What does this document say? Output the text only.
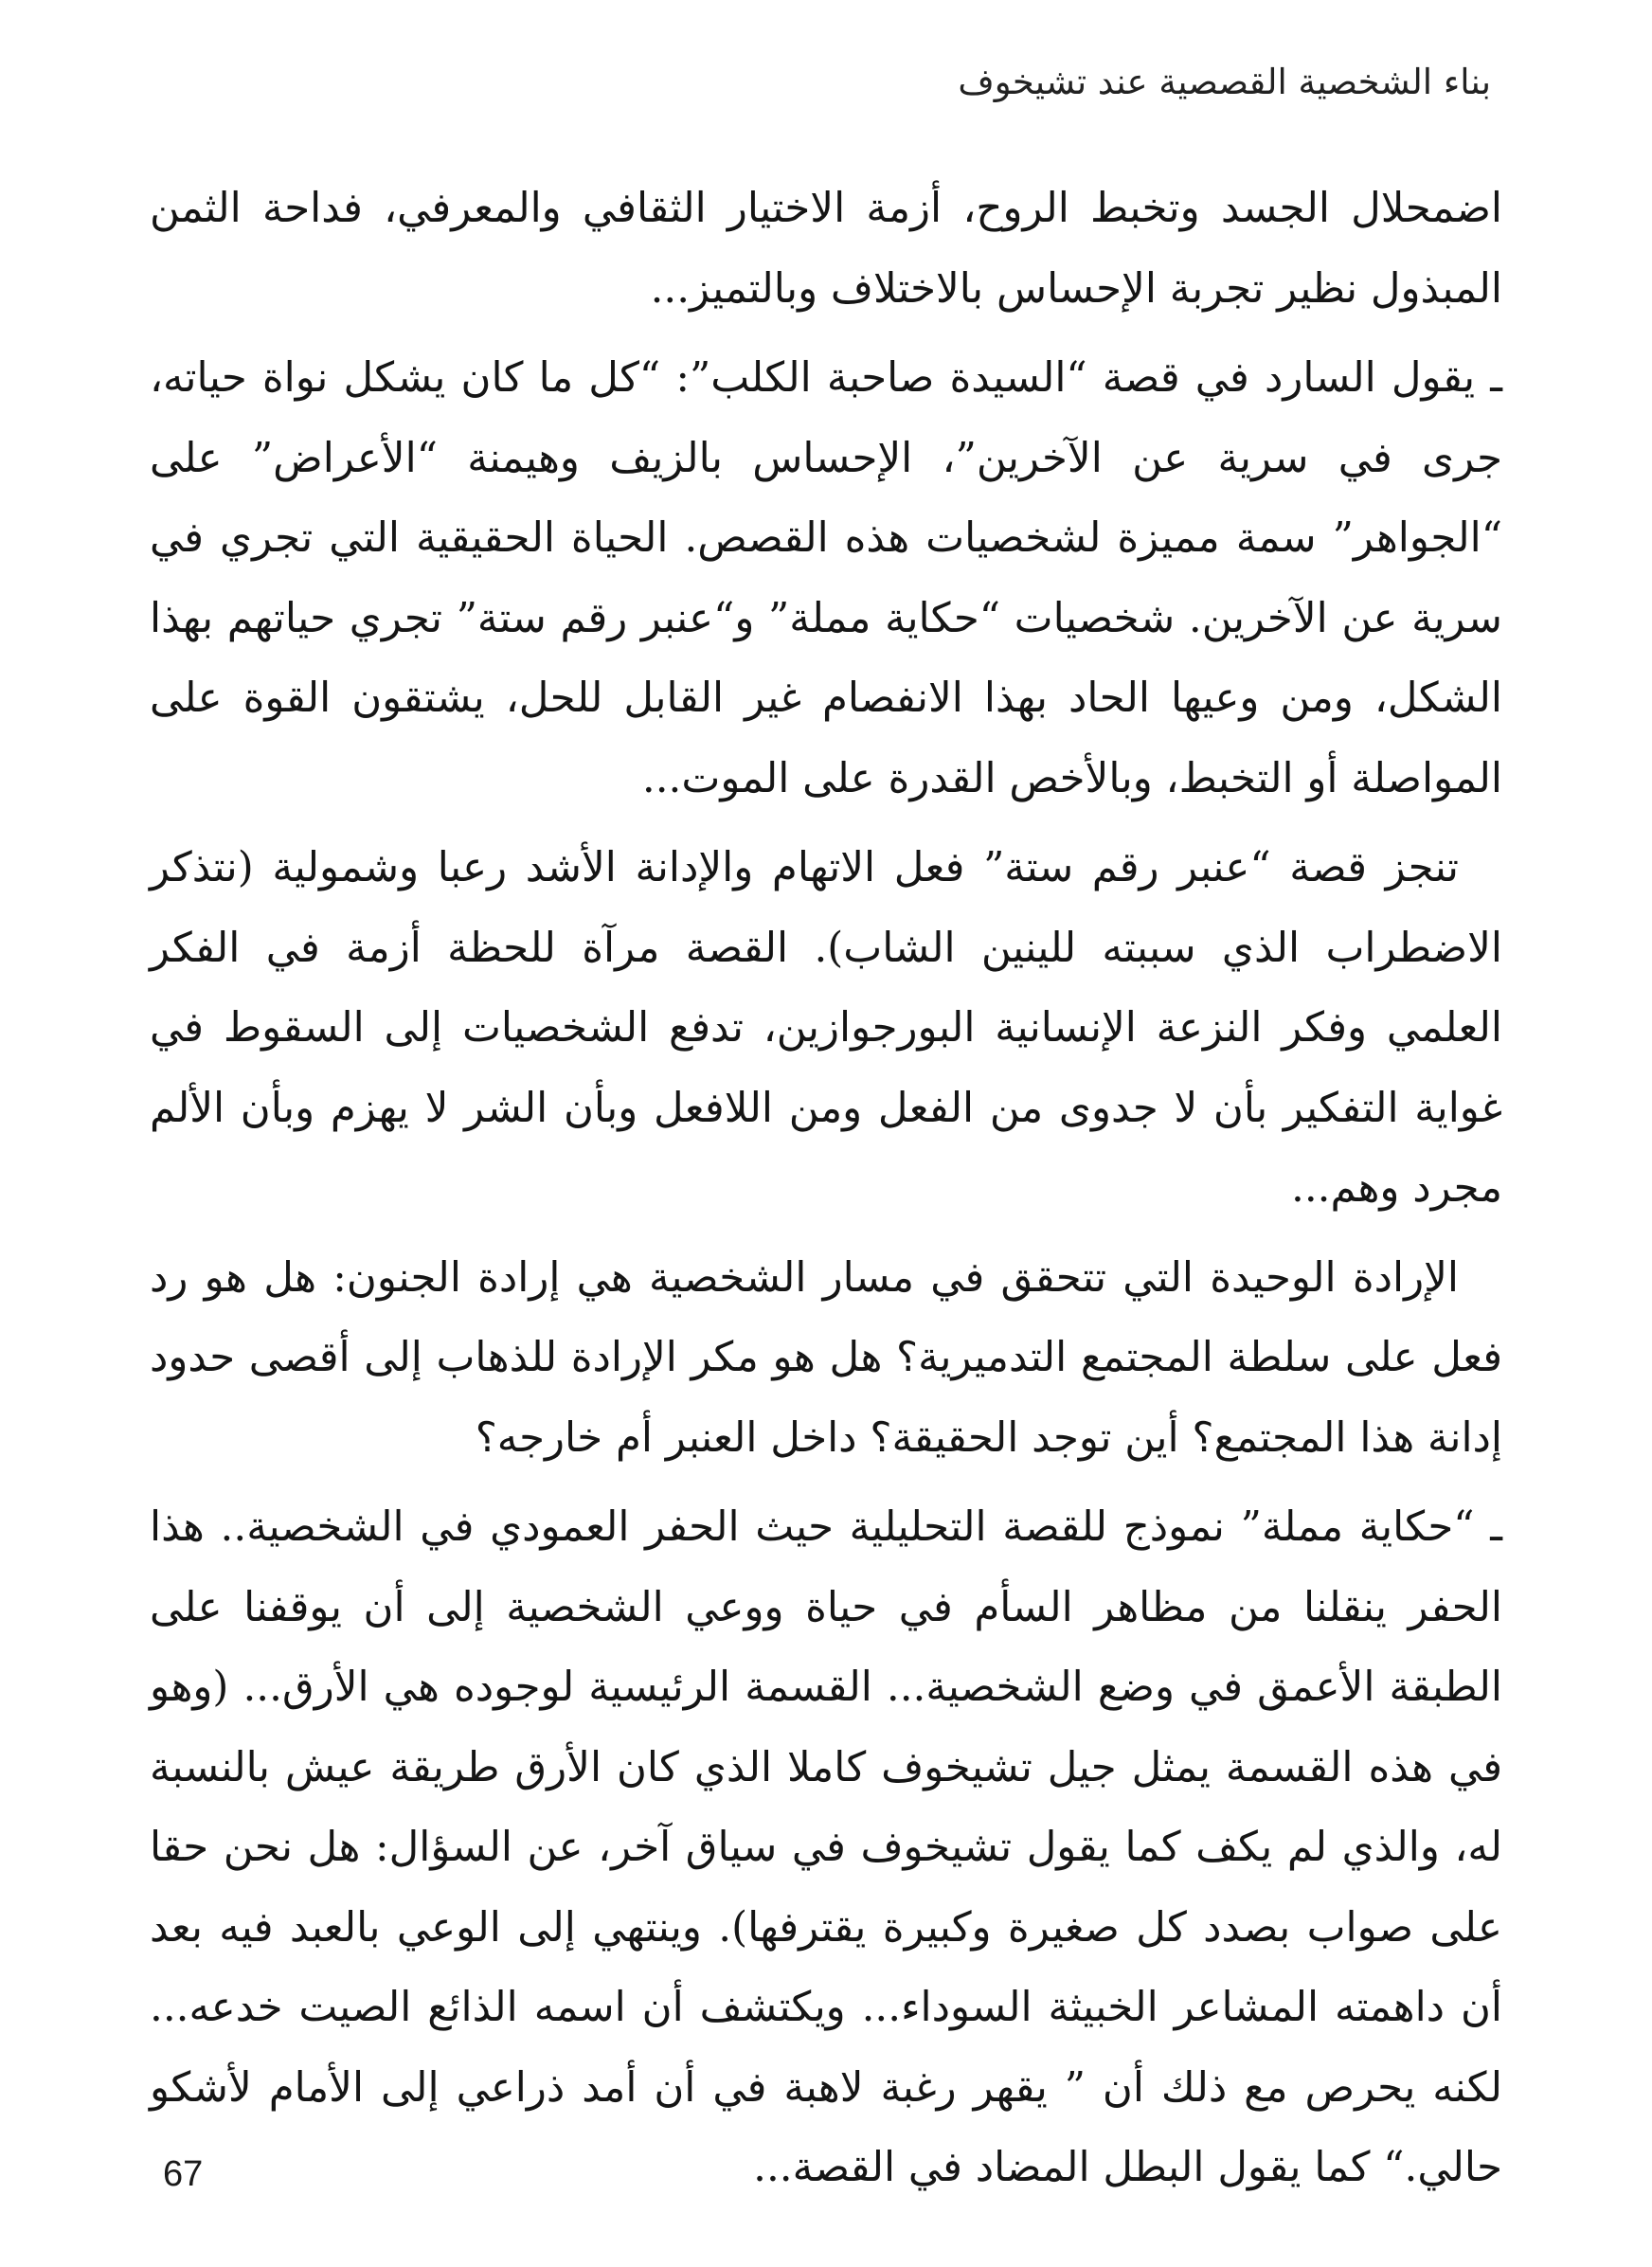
بناء الشخصية القصصية عند تشيخوف

اضمحلال الجسد وتخبط الروح، أزمة الاختيار الثقافي والمعرفي، فداحة الثمن المبذول نظير تجربة الإحساس بالاختلاف وبالتميز...

ـ يقول السارد في قصة “السيدة صاحبة الكلب”: “كل ما كان يشكل نواة حياته، جرى في سرية عن الآخرين”، الإحساس بالزيف وهيمنة “الأعراض” على “الجواهر” سمة مميزة لشخصيات هذه القصص. الحياة الحقيقية التي تجري في سرية عن الآخرين. شخصيات “حكاية مملة” و“عنبر رقم ستة” تجري حياتهم بهذا الشكل، ومن وعيها الحاد بهذا الانفصام غير القابل للحل، يشتقون القوة على المواصلة أو التخبط، وبالأخص القدرة على الموت...

تنجز قصة “عنبر رقم ستة” فعل الاتهام والإدانة الأشد رعبا وشمولية (نتذكر الاضطراب الذي سببته للينين الشاب). القصة مرآة للحظة أزمة في الفكر العلمي وفكر النزعة الإنسانية البورجوازين، تدفع الشخصيات إلى السقوط في غواية التفكير بأن لا جدوى من الفعل ومن اللافعل وبأن الشر لا يهزم وبأن الألم مجرد وهم...

الإرادة الوحيدة التي تتحقق في مسار الشخصية هي إرادة الجنون: هل هو رد فعل على سلطة المجتمع التدميرية؟ هل هو مكر الإرادة للذهاب إلى أقصى حدود إدانة هذا المجتمع؟ أين توجد الحقيقة؟ داخل العنبر أم خارجه؟

ـ “حكاية مملة” نموذج للقصة التحليلية حيث الحفر العمودي في الشخصية.. هذا الحفر ينقلنا من مظاهر السأم في حياة ووعي الشخصية إلى أن يوقفنا على الطبقة الأعمق في وضع الشخصية... القسمة الرئيسية لوجوده هي الأرق... (وهو في هذه القسمة يمثل جيل تشيخوف كاملا الذي كان الأرق طريقة عيش بالنسبة له، والذي لم يكف كما يقول تشيخوف في سياق آخر، عن السؤال: هل نحن حقا على صواب بصدد كل صغيرة وكبيرة يقترفها). وينتهي إلى الوعي بالعبد فيه بعد أن داهمته المشاعر الخبيثة السوداء... ويكتشف أن اسمه الذائع الصيت خدعه... لكنه يحرص مع ذلك أن ” يقهر رغبة لاهبة في أن أمد ذراعي إلى الأمام لأشكو حالي.“ كما يقول البطل المضاد في القصة...

67
